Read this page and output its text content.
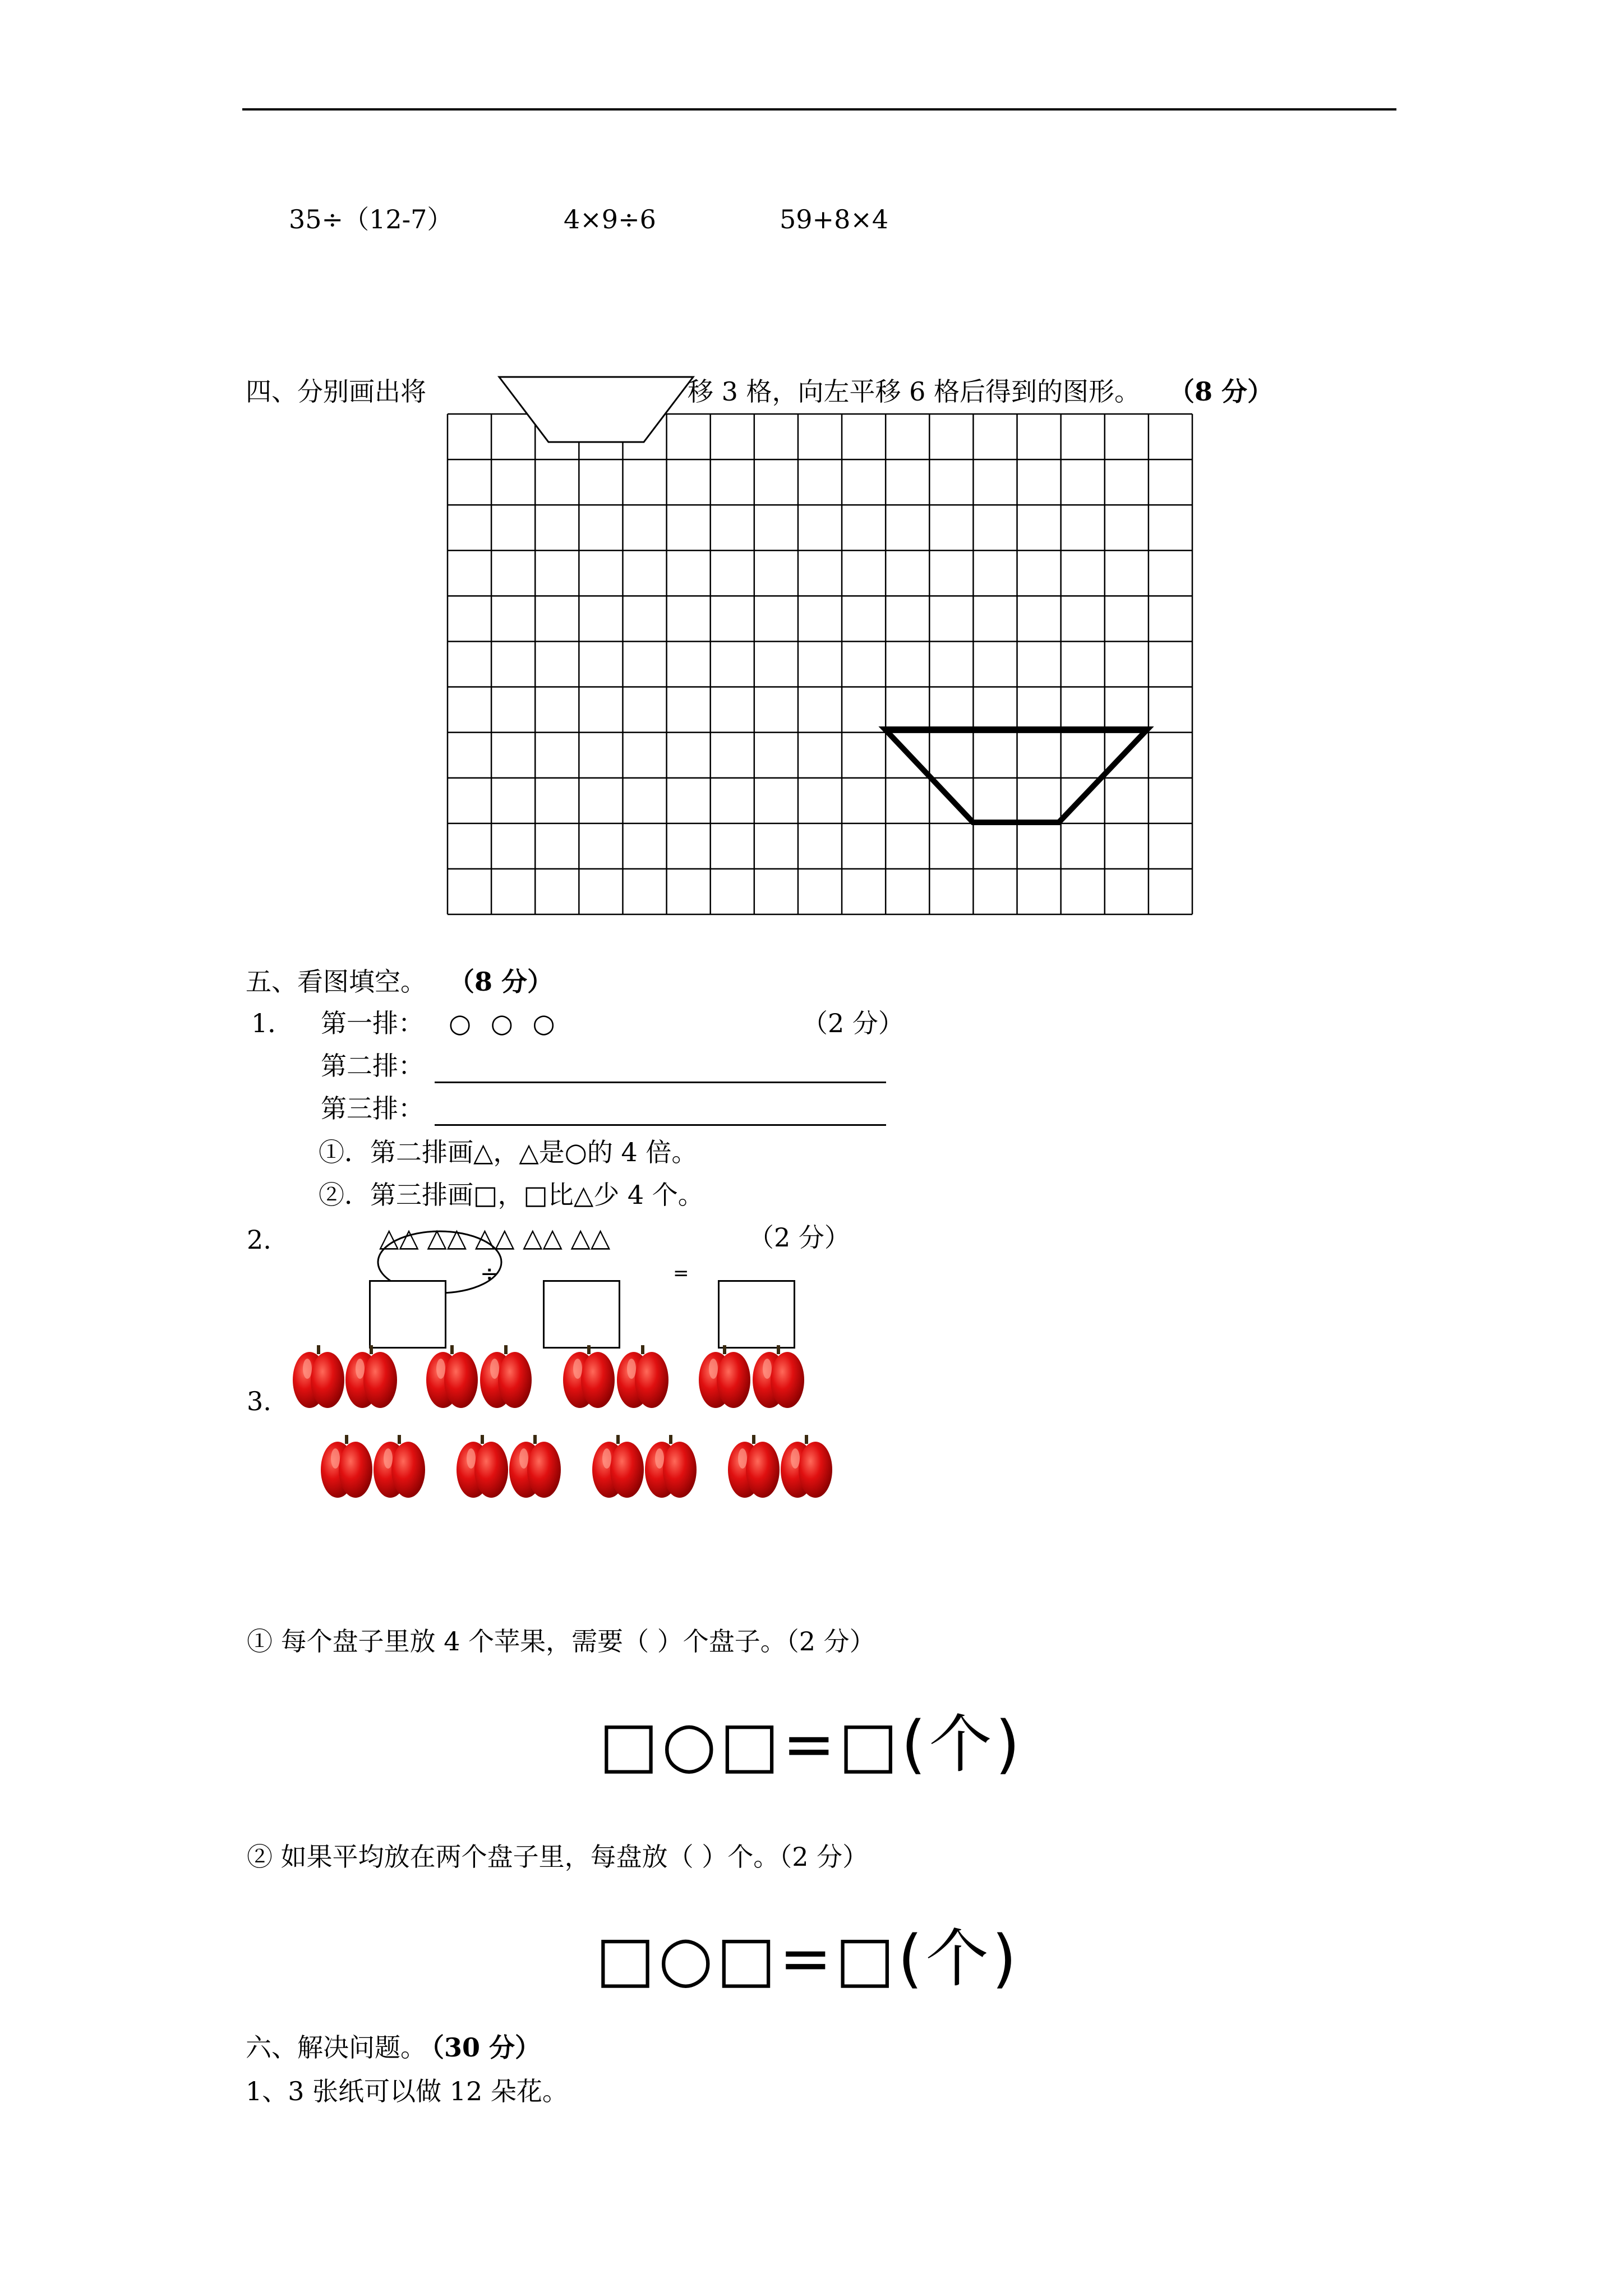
35÷（12-7）	4×9÷6	59+8×4
四、分别画出将	移 3 格，向左平移 6 格后得到的图形。 （8 分）
五、看图填空。 （8 分）
1． 第一排： ○ ○ ○	（2 分）
第二排：
第三排：
①．第二排画△，△是○的 4 倍。
②．第三排画□，□比△少 4 个。
2.	△△ △△ △△ △△ △△	（2 分）
÷	=
3.
① 每个盘子里放 4 个苹果，需要（ ）个盘子。（2 分）
□○□=□(个)
② 如果平均放在两个盘子里，每盘放（ ）个。（2 分）
□○□=□(个)
六、解决问题。
（30 分）
1、3 张纸可以做 12 朵花。
